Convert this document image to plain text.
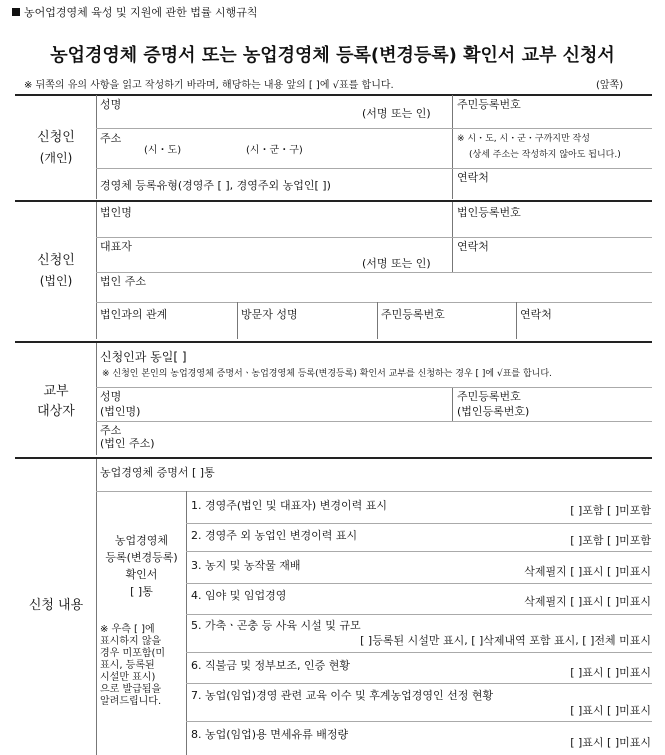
농어업경영체 육성 및 지원에 관한 법률 시행규칙
농업경영체 증명서 또는 농업경영체 등록(변경등록) 확인서 교부 신청서
※ 뒤쪽의 유의 사항을 읽고 작성하기 바라며, 해당하는 내용 앞의 [ ]에 √표를 합니다.	(앞쪽)
신청인
(개인)
성명
(서명 또는 인)
주민등록번호
주소
(시・도)	(시・군・구)
※ 시・도, 시・군・구까지만 작성
(상세 주소는 작성하지 않아도 됩니다.)
경영체 등록유형(경영주 [ ], 경영주외 농업인[ ])
연락처
신청인
(법인)
법인명	법인등록번호
대표자
(서명 또는 인)
연락처
법인 주소
법인과의 관계	방문자 성명	주민등록번호	연락처
교부
대상자
신청인과 동일[ ]
※ 신청인 본인의 농업경영체 증명서ㆍ농업경영체 등록(변경등록) 확인서 교부를 신청하는 경우 [ ]에 √표를 합니다.
성명
(법인명)
주민등록번호
(법인등록번호)
주소
(법인 주소)
신청 내용
농업경영체 증명서 [ ]통
농업경영체
등록(변경등록)
확인서
[ ]통
※ 우측 [ ]에
표시하지 않을
경우 미포함(미
표시, 등록된
시설만 표시)
으로 발급됨을
알려드립니다.
1. 경영주(법인 및 대표자) 변경이력 표시	[ ]포함 [ ]미포함
2. 경영주 외 농업인 변경이력 표시	[ ]포함 [ ]미포함
3. 농지 및 농작물 재배	삭제필지 [ ]표시 [ ]미표시
4. 임야 및 임업경영	삭제필지 [ ]표시 [ ]미표시
5. 가축ㆍ곤충 등 사육 시설 및 규모
[ ]등록된 시설만 표시, [ ]삭제내역 포함 표시, [ ]전체 미표시
6. 직불금 및 정부보조, 인증 현황
[ ]표시 [ ]미표시
7. 농업(임업)경영 관련 교육 이수 및 후계농업경영인 선정 현황
[ ]표시 [ ]미표시
8. 농업(임업)용 면세유류 배정량
[ ]표시 [ ]미표시
